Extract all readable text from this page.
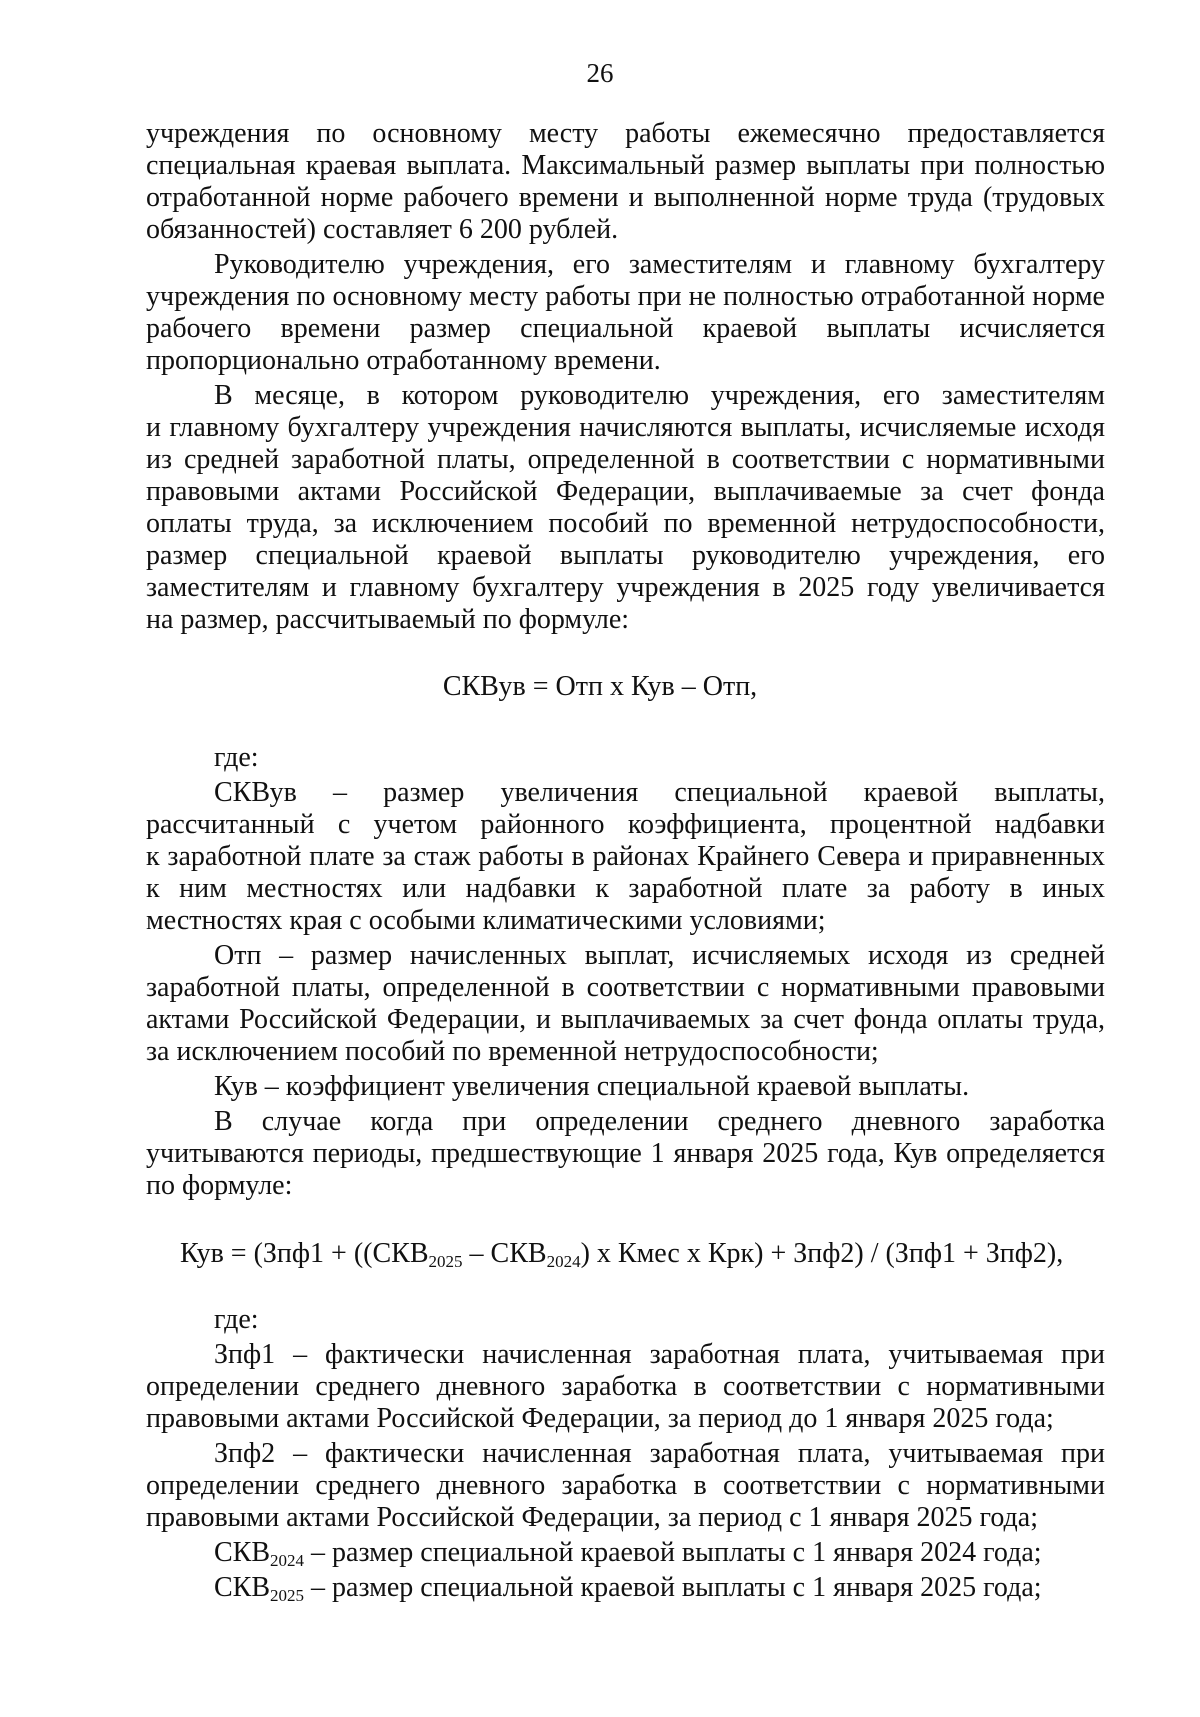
26
учреждения по основному месту работы ежемесячно предоставляется
специальная краевая выплата. Максимальный размер выплаты при полностью
отработанной норме рабочего времени и выполненной норме труда (трудовых
обязанностей) составляет 6 200 рублей.
Руководителю учреждения, его заместителям и главному бухгалтеру
учреждения по основному месту работы при не полностью отработанной норме
рабочего времени размер специальной краевой выплаты исчисляется
пропорционально отработанному времени.
В месяце, в котором руководителю учреждения, его заместителям
и главному бухгалтеру учреждения начисляются выплаты, исчисляемые исходя
из средней заработной платы, определенной в соответствии с нормативными
правовыми актами Российской Федерации, выплачиваемые за счет фонда
оплаты труда, за исключением пособий по временной нетрудоспособности,
размер специальной краевой выплаты руководителю учреждения, его
заместителям и главному бухгалтеру учреждения в 2025 году увеличивается
на размер, рассчитываемый по формуле:
СКВув = Отп х Кув – Отп,
где:
СКВув – размер увеличения специальной краевой выплаты,
рассчитанный с учетом районного коэффициента, процентной надбавки
к заработной плате за стаж работы в районах Крайнего Севера и приравненных
к ним местностях или надбавки к заработной плате за работу в иных
местностях края с особыми климатическими условиями;
Отп – размер начисленных выплат, исчисляемых исходя из средней
заработной платы, определенной в соответствии с нормативными правовыми
актами Российской Федерации, и выплачиваемых за счет фонда оплаты труда,
за исключением пособий по временной нетрудоспособности;
Кув – коэффициент увеличения специальной краевой выплаты.
В случае когда при определении среднего дневного заработка
учитываются периоды, предшествующие 1 января 2025 года, Кув определяется
по формуле:
Кув = ($Зпф1 + ((СКВ_{2025} - СКВ_{2024})$ х Кмес х Крк) + Зпф2) / (Зпф1 + Зпф2),
где:
Зпф1 – фактически начисленная заработная плата, учитываемая при
определении среднего дневного заработка в соответствии с нормативными
правовыми актами Российской Федерации, за период до 1 января 2025 года;
Зпф2 – фактически начисленная заработная плата, учитываемая при
определении среднего дневного заработка в соответствии с нормативными
правовыми актами Российской Федерации, за период с 1 января 2025 года;
$СКВ_{2024}$ – размер специальной краевой выплаты с 1 января 2024 года;
$СКВ_{2025}$ – размер специальной краевой выплаты с 1 января 2025 года;
